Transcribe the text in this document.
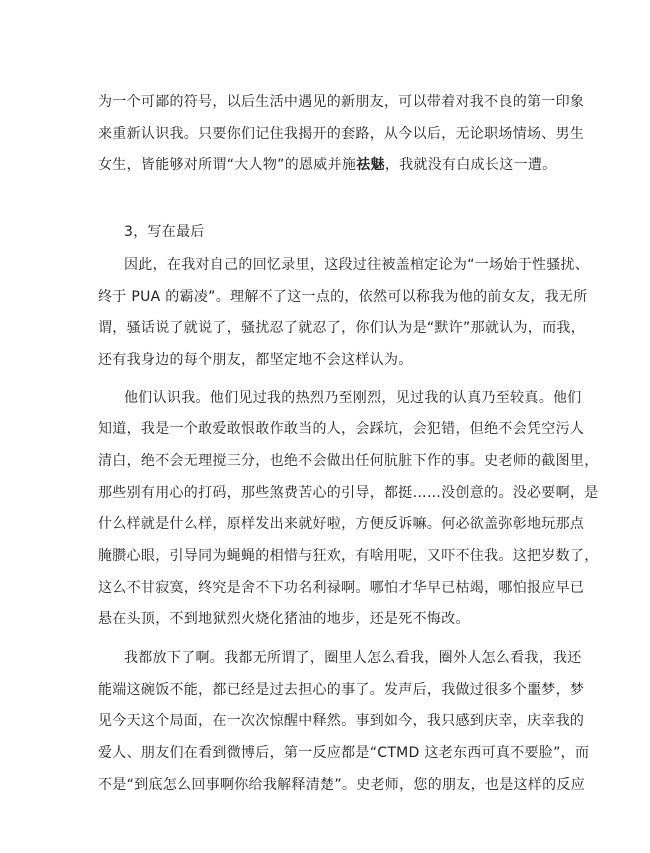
为一个可鄙的符号，以后生活中遇见的新朋友，可以带着对我不良的第一印象
来重新认识我。只要你们记住我揭开的套路，从今以后，无论职场情场、男生
女生，皆能够对所谓“大人物”的恩威并施祛魅，我就没有白成长这一遭。
3，写在最后
因此，在我对自己的回忆录里，这段过往被盖棺定论为“一场始于性骚扰、
终于 PUA 的霸凌”。理解不了这一点的，依然可以称我为他的前女友，我无所
谓，骚话说了就说了，骚扰忍了就忍了，你们认为是“默许”那就认为，而我，
还有我身边的每个朋友，都坚定地不会这样认为。
他们认识我。他们见过我的热烈乃至刚烈，见过我的认真乃至较真。他们
知道，我是一个敢爱敢恨敢作敢当的人，会踩坑，会犯错，但绝不会凭空污人
清白，绝不会无理搅三分，也绝不会做出任何肮脏下作的事。史老师的截图里，
那些别有用心的打码，那些煞费苦心的引导，都挺……没创意的。没必要啊，是
什么样就是什么样，原样发出来就好啦，方便反诉嘛。何必欲盖弥彰地玩那点
腌臜心眼，引导同为蝇蝇的相惜与狂欢，有啥用呢，又吓不住我。这把岁数了，
这么不甘寂寞，终究是舍不下功名利禄啊。哪怕才华早已枯竭，哪怕报应早已
悬在头顶，不到地狱烈火烧化猪油的地步，还是死不悔改。
我都放下了啊。我都无所谓了，圈里人怎么看我，圈外人怎么看我，我还
能端这碗饭不能，都已经是过去担心的事了。发声后，我做过很多个噩梦，梦
见今天这个局面，在一次次惊醒中释然。事到如今，我只感到庆幸，庆幸我的
爱人、朋友们在看到微博后，第一反应都是“CTMD 这老东西可真不要脸”，而
不是“到底怎么回事啊你给我解释清楚”。史老师，您的朋友，也是这样的反应
